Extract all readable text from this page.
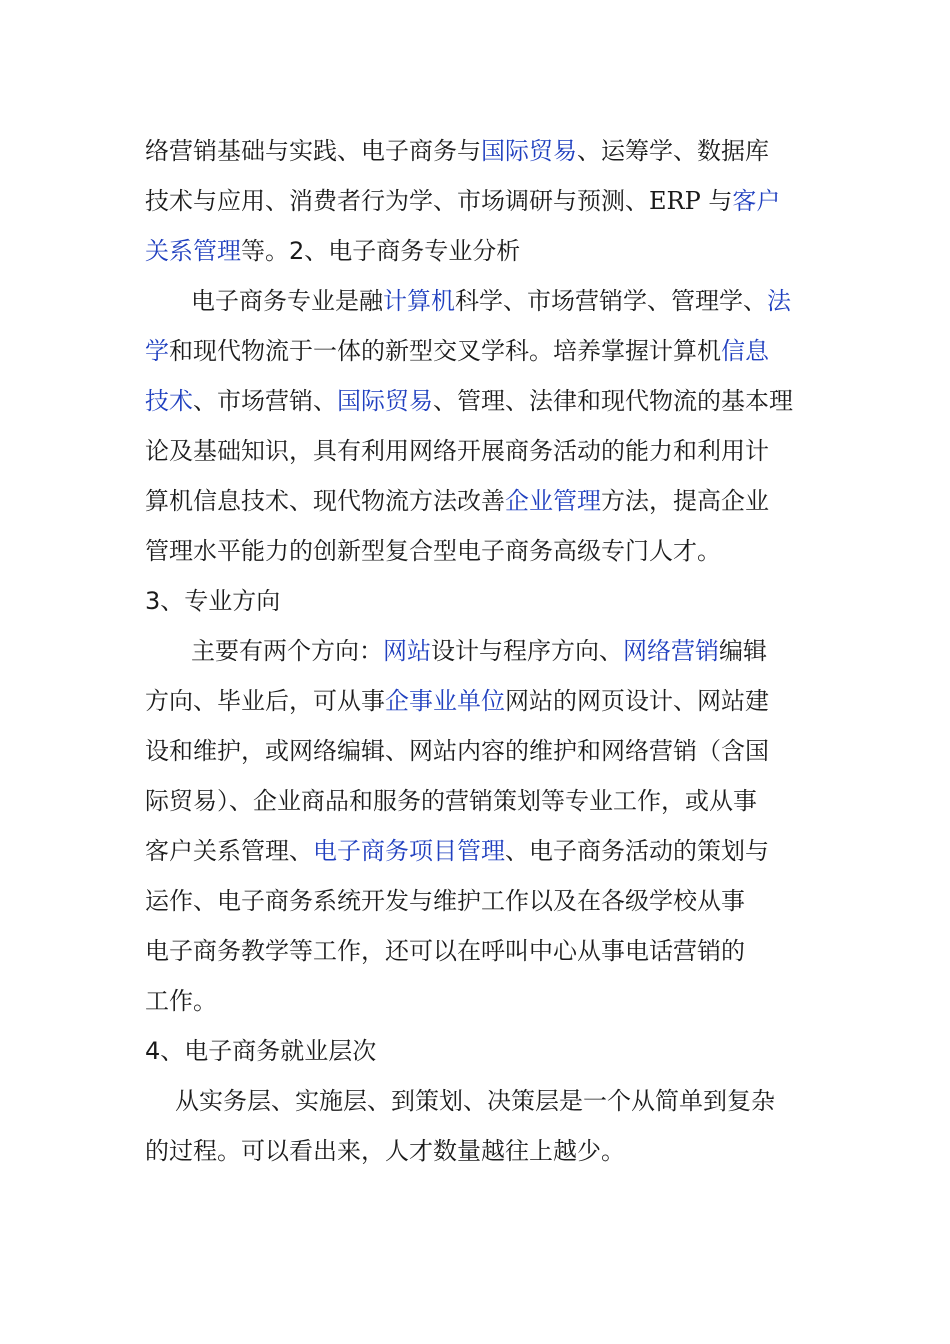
络营销基础与实践、电子商务与国际贸易、运筹学、数据库
技术与应用、消费者行为学、市场调研与预测、ERP 与客户
关系管理等。2、电子商务专业分析
电子商务专业是融计算机科学、市场营销学、管理学、法
学和现代物流于一体的新型交叉学科。培养掌握计算机信息
技术、市场营销、国际贸易、管理、法律和现代物流的基本理
论及基础知识，具有利用网络开展商务活动的能力和利用计
算机信息技术、现代物流方法改善企业管理方法，提高企业
管理水平能力的创新型复合型电子商务高级专门人才。
3、专业方向
主要有两个方向：网站设计与程序方向、网络营销编辑
方向、毕业后，可从事企事业单位网站的网页设计、网站建
设和维护，或网络编辑、网站内容的维护和网络营销（含国
际贸易）、企业商品和服务的营销策划等专业工作，或从事
客户关系管理、电子商务项目管理、电子商务活动的策划与
运作、电子商务系统开发与维护工作以及在各级学校从事
电子商务教学等工作，还可以在呼叫中心从事电话营销的
工作。
4、电子商务就业层次
从实务层、实施层、到策划、决策层是一个从简单到复杂
的过程。可以看出来，人才数量越往上越少。
